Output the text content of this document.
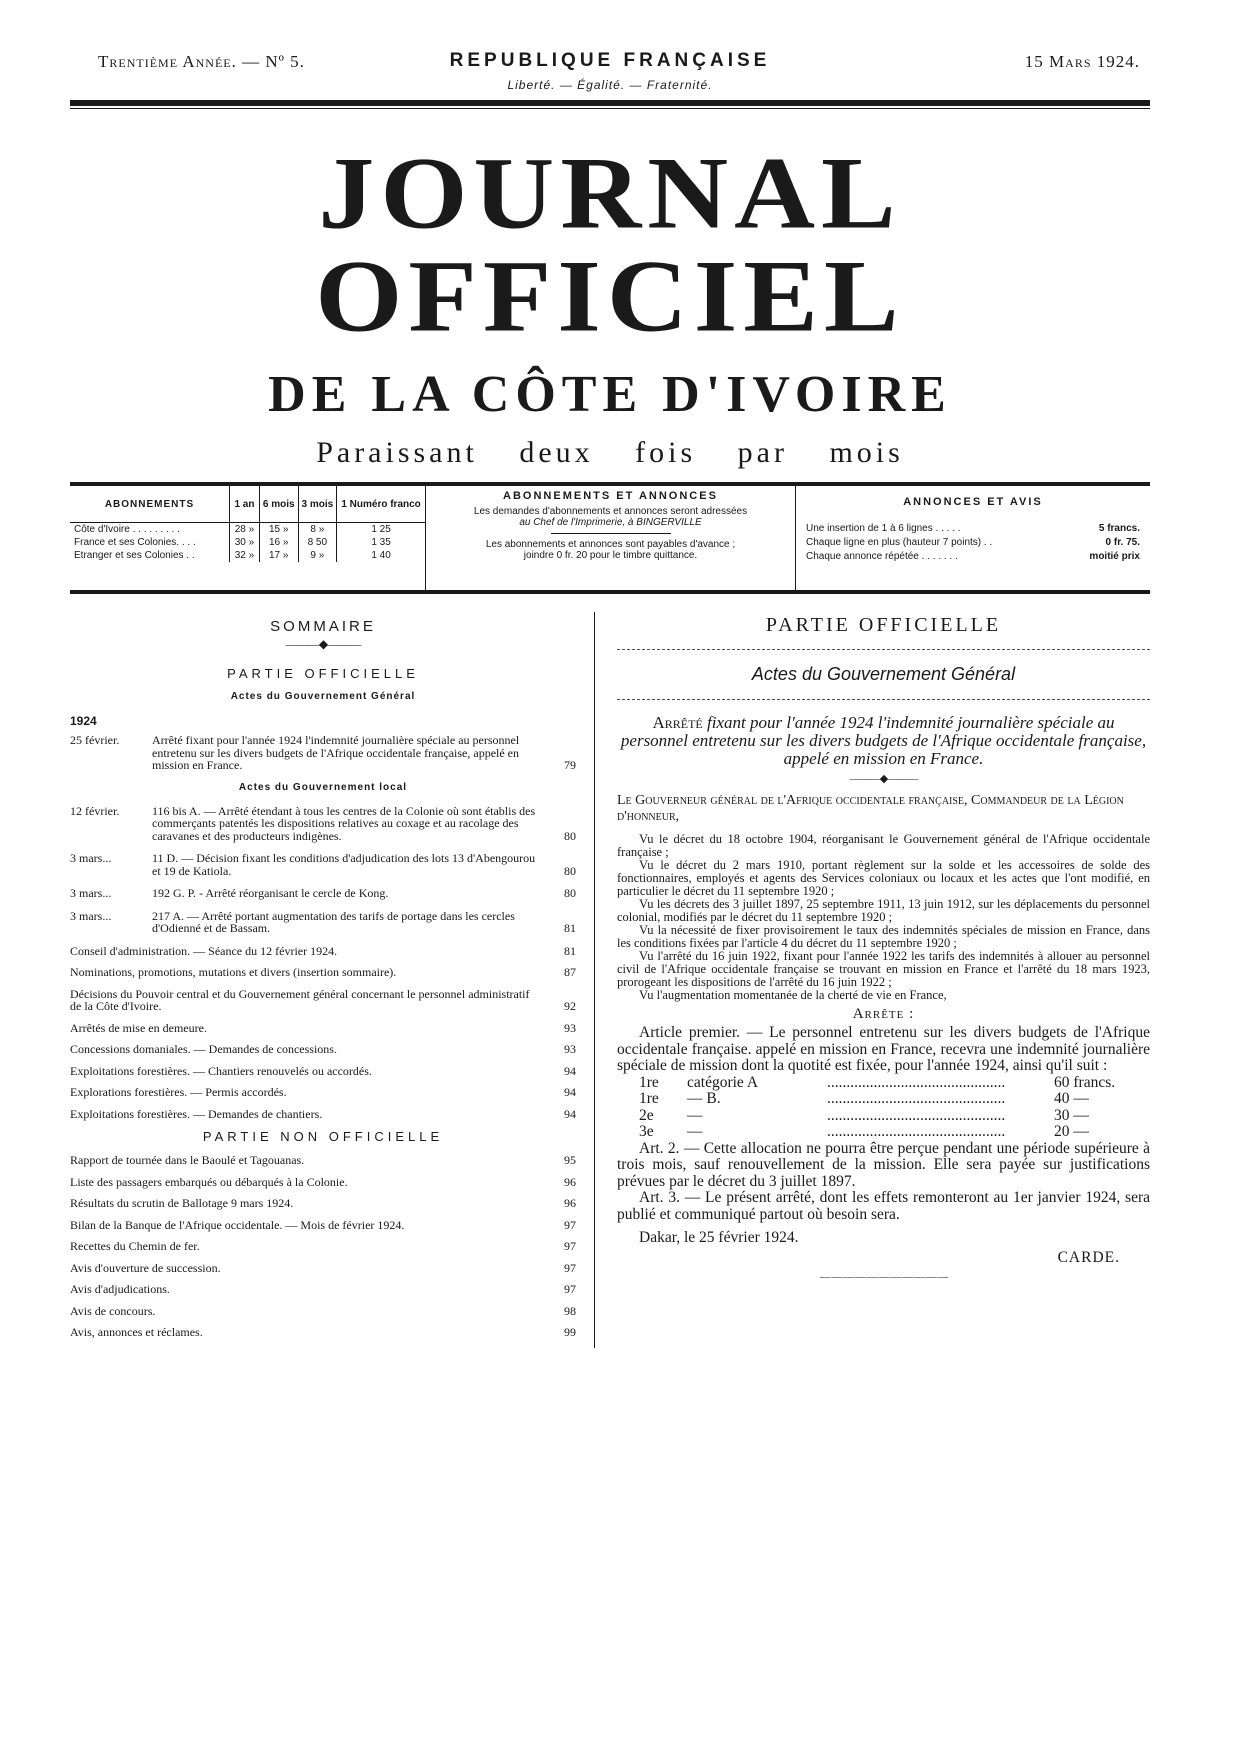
Trentième Année. — Nº 5.	REPUBLIQUE FRANÇAISE	15 Mars 1924.
Liberté. — Égalité. — Fraternité.
JOURNAL OFFICIEL
DE LA CÔTE D'IVOIRE
Paraissant deux fois par mois
ABONNEMENTS	1 an	6 mois	3 mois	1 Numéro franco
Côte d'Ivoire . . . . . . . . .	28 »	15 »	8 »	1 25
France et ses Colonies. . . .	30 »	16 »	8 50	1 35
Etranger et ses Colonies . .	32 »	17 »	9 »	1 40
ABONNEMENTS ET ANNONCES
Les demandes d'abonnements et annonces seront adressées
au Chef de l'Imprimerie, à BINGERVILLE
Les abonnements et annonces sont payables d'avance ;
joindre 0 fr. 20 pour le timbre quittance.
ANNONCES ET AVIS
Une insertion de 1 à 6 lignes . . . . .	5 francs.
Chaque ligne en plus (hauteur 7 points) . .	0 fr. 75.
Chaque annonce répétée . . . . . . .	moitié prix
SOMMAIRE
———◆———
PARTIE OFFICIELLE
Actes du Gouvernement Général
1924
25 février.	Arrêté fixant pour l'année 1924 l'indemnité journalière spéciale au personnel entretenu sur les divers budgets de l'Afrique occidentale française, appelé en mission en France.	79
Actes du Gouvernement local
12 février.	116 bis A. — Arrêté étendant à tous les centres de la Colonie où sont établis des commerçants patentés les dispositions relatives au coxage et au racolage des caravanes et des producteurs indigènes.	80
3 mars...	11 D. — Décision fixant les conditions d'adjudication des lots 13 d'Abengourou et 19 de Katiola.	80
3 mars...	192 G. P. - Arrêté réorganisant le cercle de Kong.	80
3 mars...	217 A. — Arrêté portant augmentation des tarifs de portage dans les cercles d'Odienné et de Bassam.	81
Conseil d'administration. — Séance du 12 février 1924.	81
Nominations, promotions, mutations et divers (insertion sommaire).	87
Décisions du Pouvoir central et du Gouvernement général concernant le personnel administratif de la Côte d'Ivoire.	92
Arrêtés de mise en demeure.	93
Concessions domaniales. — Demandes de concessions.	93
Exploitations forestières. — Chantiers renouvelés ou accordés.	94
Explorations forestières. — Permis accordés.	94
Exploitations forestières. — Demandes de chantiers.	94
PARTIE NON OFFICIELLE
Rapport de tournée dans le Baoulé et Tagouanas.	95
Liste des passagers embarqués ou débarqués à la Colonie.	96
Résultats du scrutin de Ballotage 9 mars 1924.	96
Bilan de la Banque de l'Afrique occidentale. — Mois de février 1924.	97
Recettes du Chemin de fer.	97
Avis d'ouverture de succession.	97
Avis d'adjudications.	97
Avis de concours.	98
Avis, annonces et réclames.	99
PARTIE OFFICIELLE
Actes du Gouvernement Général
Arrêté fixant pour l'année 1924 l'indemnité journalière spéciale au personnel entretenu sur les divers budgets de l'Afrique occidentale française, appelé en mission en France.
———◆———
Le Gouverneur général de l'Afrique occidentale française, Commandeur de la Légion d'honneur,

Vu le décret du 18 octobre 1904, réorganisant le Gouvernement général de l'Afrique occidentale française ;

Vu le décret du 2 mars 1910, portant règlement sur la solde et les accessoires de solde des fonctionnaires, employés et agents des Services coloniaux ou locaux et les actes que l'ont modifié, en particulier le décret du 11 septembre 1920 ;

Vu les décrets des 3 juillet 1897, 25 septembre 1911, 13 juin 1912, sur les déplacements du personnel colonial, modifiés par le décret du 11 septembre 1920 ;

Vu la nécessité de fixer provisoirement le taux des indemnités spéciales de mission en France, dans les conditions fixées par l'article 4 du décret du 11 septembre 1920 ;

Vu l'arrêté du 16 juin 1922, fixant pour l'année 1922 les tarifs des indemnités à allouer au personnel civil de l'Afrique occidentale française se trouvant en mission en France et l'arrêté du 18 mars 1923, prorogeant les dispositions de l'arrêté du 16 juin 1922 ;

Vu l'augmentation momentanée de la cherté de vie en France,

Arrête :

Article premier. — Le personnel entretenu sur les divers budgets de l'Afrique occidentale française. appelé en mission en France, recevra une indemnité journalière spéciale de mission dont la quotité est fixée, pour l'année 1924, ainsi qu'il suit :

1re	catégorie A	..............................................	60 francs.
1re	— B.	..............................................	40 —
2e	—	..............................................	30 —
3e	—	..............................................	20 —

Art. 2. — Cette allocation ne pourra être perçue pendant une période supérieure à trois mois, sauf renouvellement de la mission. Elle sera payée sur justifications prévues par le décret du 3 juillet 1897.

Art. 3. — Le présent arrêté, dont les effets remonteront au 1er janvier 1924, sera publié et communiqué partout où besoin sera.

Dakar, le 25 février 1924.
CARDE.
— — — — — — — — — — —
